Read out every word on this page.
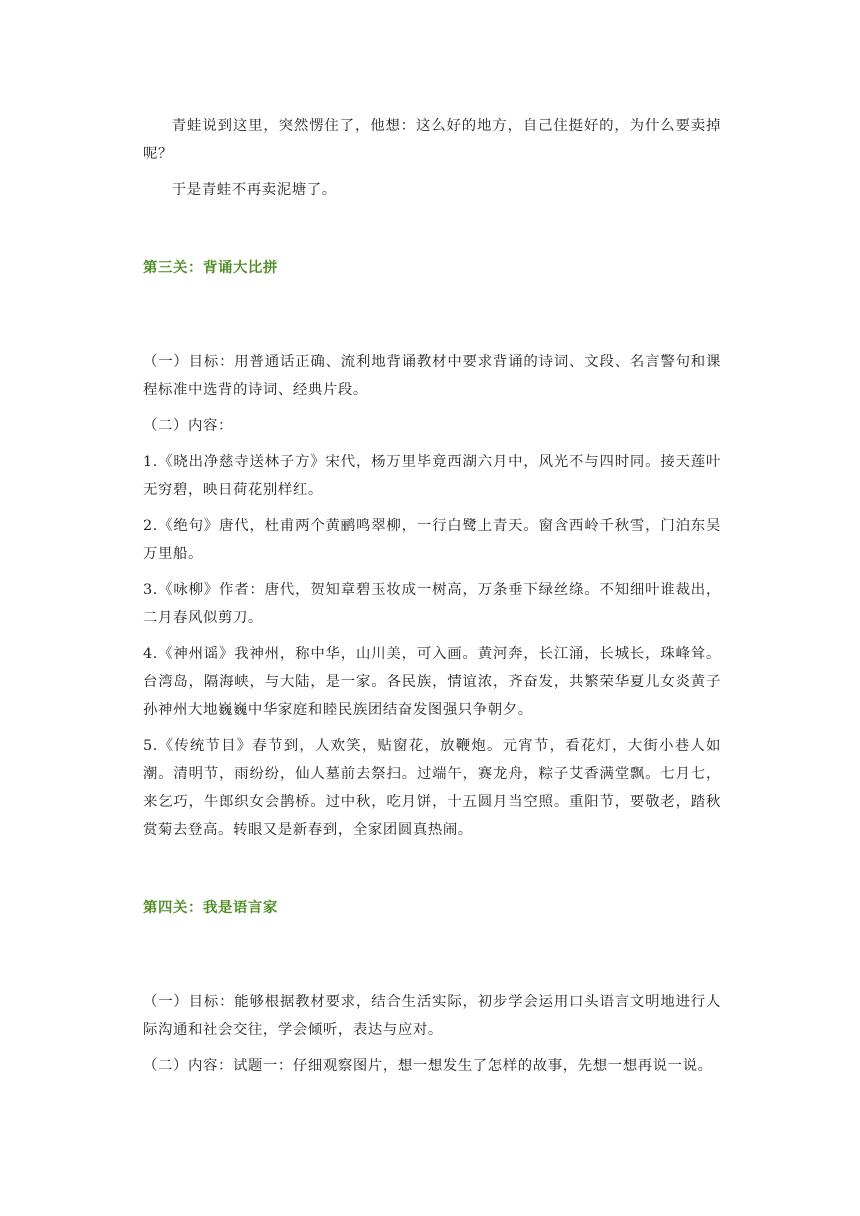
青蛙说到这里，突然愣住了，他想：这么好的地方，自己住挺好的，为什么要卖掉呢？

于是青蛙不再卖泥塘了。

第三关：背诵大比拼

（一）目标：用普通话正确、流利地背诵教材中要求背诵的诗词、文段、名言警句和课程标准中选背的诗词、经典片段。

（二）内容：

1.《晓出净慈寺送林子方》宋代，杨万里毕竟西湖六月中，风光不与四时同。接天莲叶无穷碧，映日荷花别样红。

2.《绝句》唐代，杜甫两个黄鹂鸣翠柳，一行白鹭上青天。窗含西岭千秋雪，门泊东吴万里船。

3.《咏柳》作者：唐代，贺知章碧玉妆成一树高，万条垂下绿丝绦。不知细叶谁裁出，二月春风似剪刀。

4.《神州谣》我神州，称中华，山川美，可入画。黄河奔，长江涌，长城长，珠峰耸。台湾岛，隔海峡，与大陆，是一家。各民族，情谊浓，齐奋发，共繁荣华夏儿女炎黄子孙神州大地巍巍中华家庭和睦民族团结奋发图强只争朝夕。

5.《传统节目》春节到，人欢笑，贴窗花，放鞭炮。元宵节，看花灯，大街小巷人如潮。清明节，雨纷纷，仙人墓前去祭扫。过端午，赛龙舟，粽子艾香满堂飘。七月七，来乞巧，牛郎织女会鹊桥。过中秋，吃月饼，十五圆月当空照。重阳节，要敬老，踏秋赏菊去登高。转眼又是新春到，全家团圆真热闹。

第四关：我是语言家

（一）目标：能够根据教材要求，结合生活实际，初步学会运用口头语言文明地进行人际沟通和社会交往，学会倾听，表达与应对。

（二）内容：试题一：仔细观察图片，想一想发生了怎样的故事，先想一想再说一说。
